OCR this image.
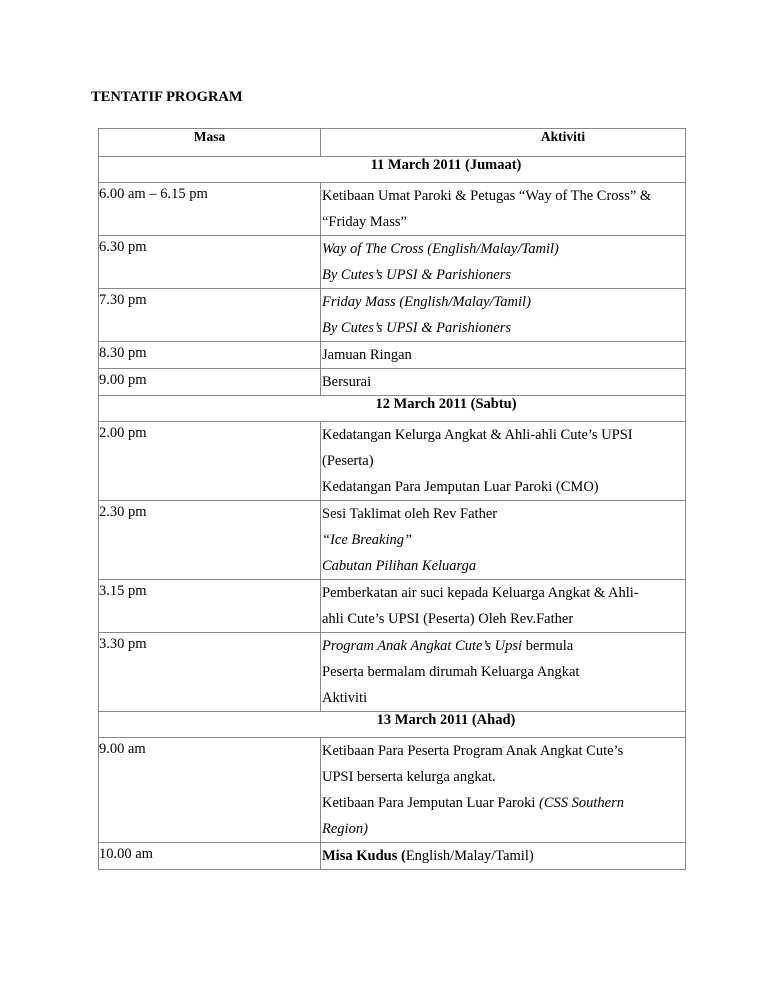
TENTATIF PROGRAM
Masa	Aktiviti
11 March 2011 (Jumaat)	

6.00 am – 6.15 pm	Ketibaan Umat Paroki & Petugas “Way of The Cross” &
“Friday Mass”

6.30 pm	Way of The Cross (English/Malay/Tamil)
By Cutes’s UPSI & Parishioners

7.30 pm	Friday Mass (English/Malay/Tamil)
By Cutes’s UPSI & Parishioners

8.30 pm	Jamuan Ringan

9.00 pm	Bersurai

12 March 2011 (Sabtu)	

2.00 pm	Kedatangan Kelurga Angkat & Ahli-ahli Cute’s UPSI
(Peserta)
Kedatangan Para Jemputan Luar Paroki (CMO)

2.30 pm	Sesi Taklimat oleh Rev Father
“Ice Breaking”
Cabutan Pilihan Keluarga

3.15 pm	Pemberkatan air suci kepada Keluarga Angkat & Ahli-
ahli Cute’s UPSI (Peserta) Oleh Rev.Father

3.30 pm	Program Anak Angkat Cute’s Upsi bermula
Peserta bermalam dirumah Keluarga Angkat
Aktiviti

13 March 2011 (Ahad)	

9.00 am	Ketibaan Para Peserta Program Anak Angkat Cute’s
UPSI berserta kelurga angkat.
Ketibaan Para Jemputan Luar Paroki (CSS Southern
Region)

10.00 am	Misa Kudus (English/Malay/Tamil)
